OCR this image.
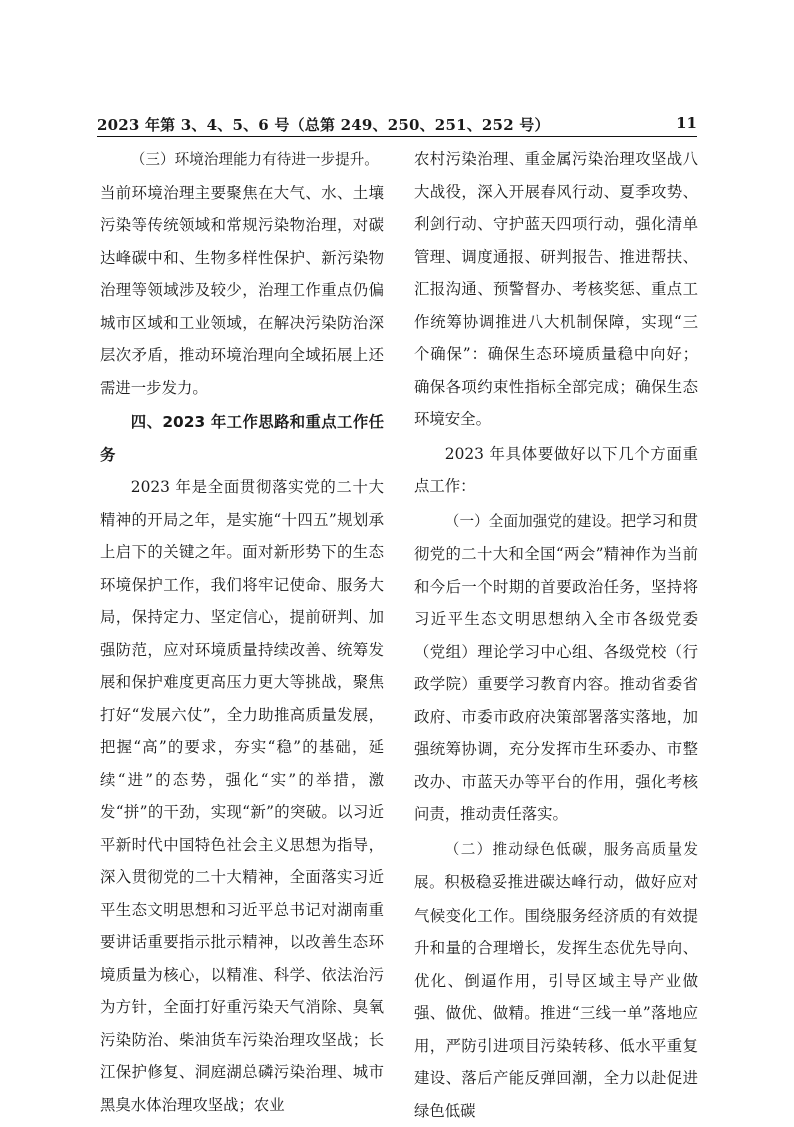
2023 年第 3、4、5、6 号（总第 249、250、251、252 号）	11

（三）环境治理能力有待进一步提升。

当前环境治理主要聚焦在大气、水、土壤污染等传统领域和常规污染物治理，对碳达峰碳中和、生物多样性保护、新污染物治理等领域涉及较少，治理工作重点仍偏城市区域和工业领域，在解决污染防治深层次矛盾，推动环境治理向全域拓展上还需进一步发力。

四、2023 年工作思路和重点工作任务

2023 年是全面贯彻落实党的二十大精神的开局之年，是实施“十四五”规划承上启下的关键之年。面对新形势下的生态环境保护工作，我们将牢记使命、服务大局，保持定力、坚定信心，提前研判、加强防范，应对环境质量持续改善、统筹发展和保护难度更高压力更大等挑战，聚焦打好“发展六仗”，全力助推高质量发展，把握“高”的要求，夯实“稳”的基础，延续“进”的态势，强化“实”的举措，激发“拼”的干劲，实现“新”的突破。以习近平新时代中国特色社会主义思想为指导，深入贯彻党的二十大精神，全面落实习近平生态文明思想和习近平总书记对湖南重要讲话重要指示批示精神，以改善生态环境质量为核心，以精准、科学、依法治污为方针，全面打好重污染天气消除、臭氧污染防治、柴油货车污染治理攻坚战；长江保护修复、洞庭湖总磷污染治理、城市黑臭水体治理攻坚战；农业

农村污染治理、重金属污染治理攻坚战八大战役，深入开展春风行动、夏季攻势、利剑行动、守护蓝天四项行动，强化清单管理、调度通报、研判报告、推进帮扶、汇报沟通、预警督办、考核奖惩、重点工作统筹协调推进八大机制保障，实现“三个确保”：确保生态环境质量稳中向好；确保各项约束性指标全部完成；确保生态环境安全。

2023 年具体要做好以下几个方面重点工作：

（一）全面加强党的建设。把学习和贯彻党的二十大和全国“两会”精神作为当前和今后一个时期的首要政治任务，坚持将习近平生态文明思想纳入全市各级党委（党组）理论学习中心组、各级党校（行政学院）重要学习教育内容。推动省委省政府、市委市政府决策部署落实落地，加强统筹协调，充分发挥市生环委办、市整改办、市蓝天办等平台的作用，强化考核问责，推动责任落实。

（二）推动绿色低碳，服务高质量发展。积极稳妥推进碳达峰行动，做好应对气候变化工作。围绕服务经济质的有效提升和量的合理增长，发挥生态优先导向、优化、倒逼作用，引导区域主导产业做强、做优、做精。推进“三线一单”落地应用，严防引进项目污染转移、低水平重复建设、落后产能反弹回潮，全力以赴促进绿色低碳
